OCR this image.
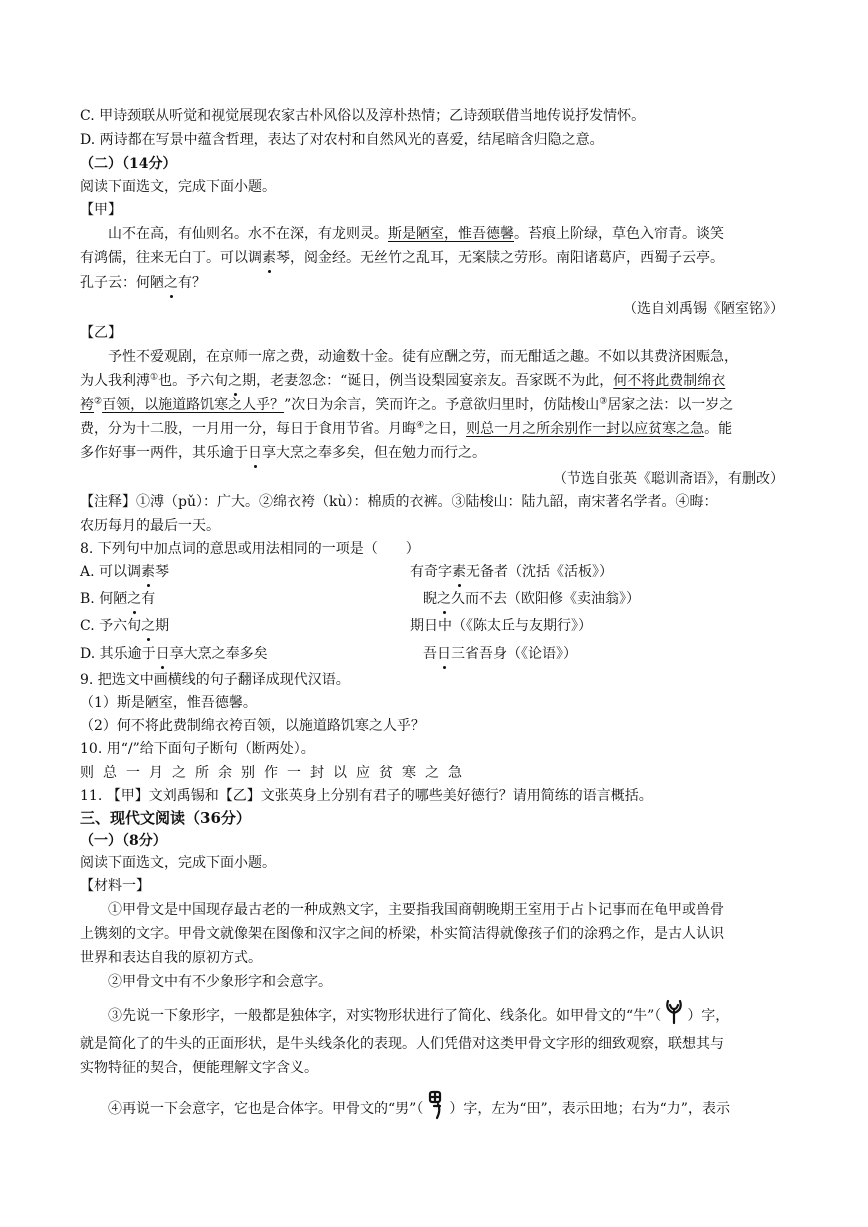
C. 甲诗颈联从听觉和视觉展现农家古朴风俗以及淳朴热情；乙诗颈联借当地传说抒发情怀。
D. 两诗都在写景中蕴含哲理，表达了对农村和自然风光的喜爱，结尾暗含归隐之意。
（二）（14分）
阅读下面选文，完成下面小题。
【甲】
山不在高，有仙则名。水不在深，有龙则灵。斯是陋室，惟吾德馨。苔痕上阶绿，草色入帘青。谈笑
有鸿儒，往来无白丁。可以调素琴，阅金经。无丝竹之乱耳，无案牍之劳形。南阳诸葛庐，西蜀子云亭。
孔子云：何陋之有？
（选自刘禹锡《陋室铭》）
【乙】
予性不爱观剧，在京师一席之费，动逾数十金。徒有应酬之劳，而无酣适之趣。不如以其费济困赈急，
为人我利溥①也。予六旬之期，老妻忽念：“诞日，例当设梨园宴亲友。吾家既不为此，何不将此费制绵衣
袴②百领，以施道路饥寒之人乎？”次日为余言，笑而许之。予意欲归里时，仿陆梭山③居家之法：以一岁之
费，分为十二股，一月用一分，每日于食用节省。月晦④之日，则总一月之所余别作一封以应贫寒之急。能
多作好事一两件，其乐逾于日享大烹之奉多矣，但在勉力而行之。
（节选自张英《聪训斋语》，有删改）
【注释】①溥（pǔ）：广大。②绵衣袴（kù）：棉质的衣裤。③陆梭山：陆九韶，南宋著名学者。④晦：
农历每月的最后一天。
8. 下列句中加点词的意思或用法相同的一项是（　　）
A. 可以调素琴	有奇字素无备者（沈括《活板》）
B. 何陋之有	睨之久而不去（欧阳修《卖油翁》）
C. 予六旬之期	期日中（《陈太丘与友期行》）
D. 其乐逾于日享大烹之奉多矣	吾日三省吾身（《论语》）
9. 把选文中画横线的句子翻译成现代汉语。
（1）斯是陋室，惟吾德馨。
（2）何不将此费制绵衣袴百领，以施道路饥寒之人乎？
10. 用“/”给下面句子断句（断两处）。
则总一月之所余别作一封以应贫寒之急
11. 【甲】文刘禹锡和【乙】文张英身上分别有君子的哪些美好德行？请用简练的语言概括。
三、现代文阅读（36分）
（一）（8分）
阅读下面选文，完成下面小题。
【材料一】
①甲骨文是中国现存最古老的一种成熟文字，主要指我国商朝晚期王室用于占卜记事而在龟甲或兽骨
上镌刻的文字。甲骨文就像架在图像和汉字之间的桥梁，朴实简洁得就像孩子们的涂鸦之作，是古人认识
世界和表达自我的原初方式。
②甲骨文中有不少象形字和会意字。
③先说一下象形字，一般都是独体字，对实物形状进行了简化、线条化。如甲骨文的“牛”（ ）字，
就是简化了的牛头的正面形状，是牛头线条化的表现。人们凭借对这类甲骨文字形的细致观察，联想其与
实物特征的契合，便能理解文字含义。
④再说一下会意字，它也是合体字。甲骨文的“男”（ ）字，左为“田”，表示田地；右为“力”，表示
